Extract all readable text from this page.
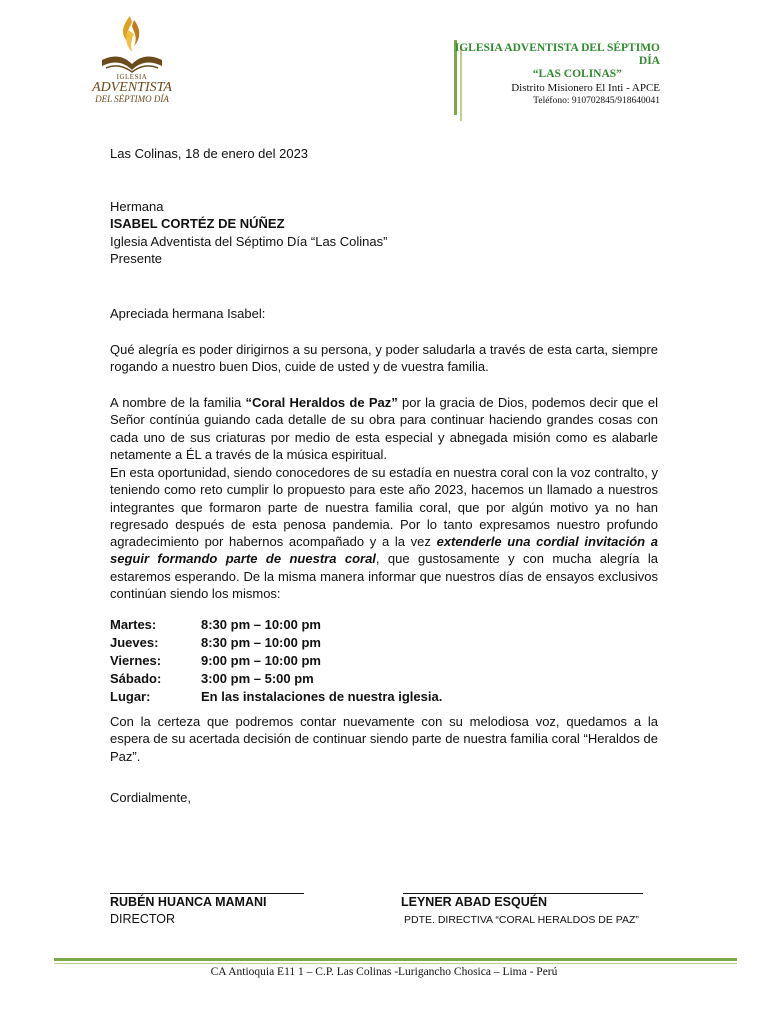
IGLESIA
ADVENTISTA
DEL SÉPTIMO DÍA
IGLESIA ADVENTISTA DEL SÉPTIMO
DÍA
“LAS COLINAS”
Distrito Misionero El Inti - APCE
Teléfono: 910702845/918640041
Las Colinas, 18 de enero del 2023
Hermana
ISABEL CORTÉZ DE NÚÑEZ
Iglesia Adventista del Séptimo Día “Las Colinas”
Presente
Apreciada hermana Isabel:
Qué alegría es poder dirigirnos a su persona, y poder saludarla a través de esta carta, siempre rogando a nuestro buen Dios, cuide de usted y de vuestra familia.
A nombre de la familia “Coral Heraldos de Paz” por la gracia de Dios, podemos decir que el Señor contínúa guiando cada detalle de su obra para continuar haciendo grandes cosas con cada uno de sus criaturas por medio de esta especial y abnegada misión como es alabarle netamente a ÉL a través de la música espiritual.
En esta oportunidad, siendo conocedores de su estadía en nuestra coral con la voz contralto, y teniendo como reto cumplir lo propuesto para este año 2023, hacemos un llamado a nuestros integrantes que formaron parte de nuestra familia coral, que por algún motivo ya no han regresado después de esta penosa pandemia. Por lo tanto expresamos nuestro profundo agradecimiento por habernos acompañado y a la vez extenderle una cordial invitación a seguir formando parte de nuestra coral, que gustosamente y con mucha alegría la estaremos esperando. De la misma manera informar que nuestros días de ensayos exclusivos continúan siendo los mismos:
Martes:	8:30 pm – 10:00 pm
Jueves:	8:30 pm – 10:00 pm
Viernes:	9:00 pm – 10:00 pm
Sábado:	3:00 pm – 5:00 pm
Lugar:	En las instalaciones de nuestra iglesia.
Con la certeza que podremos contar nuevamente con su melodiosa voz, quedamos a la espera de su acertada decisión de continuar siendo parte de nuestra familia coral “Heraldos de Paz”.
Cordialmente,
RUBÉN HUANCA MAMANI
DIRECTOR
LEYNER ABAD ESQUÉN
PDTE. DIRECTIVA “CORAL HERALDOS DE PAZ”
CA Antioquia E11 1 – C.P. Las Colinas -Lurigancho Chosica – Lima - Perú
